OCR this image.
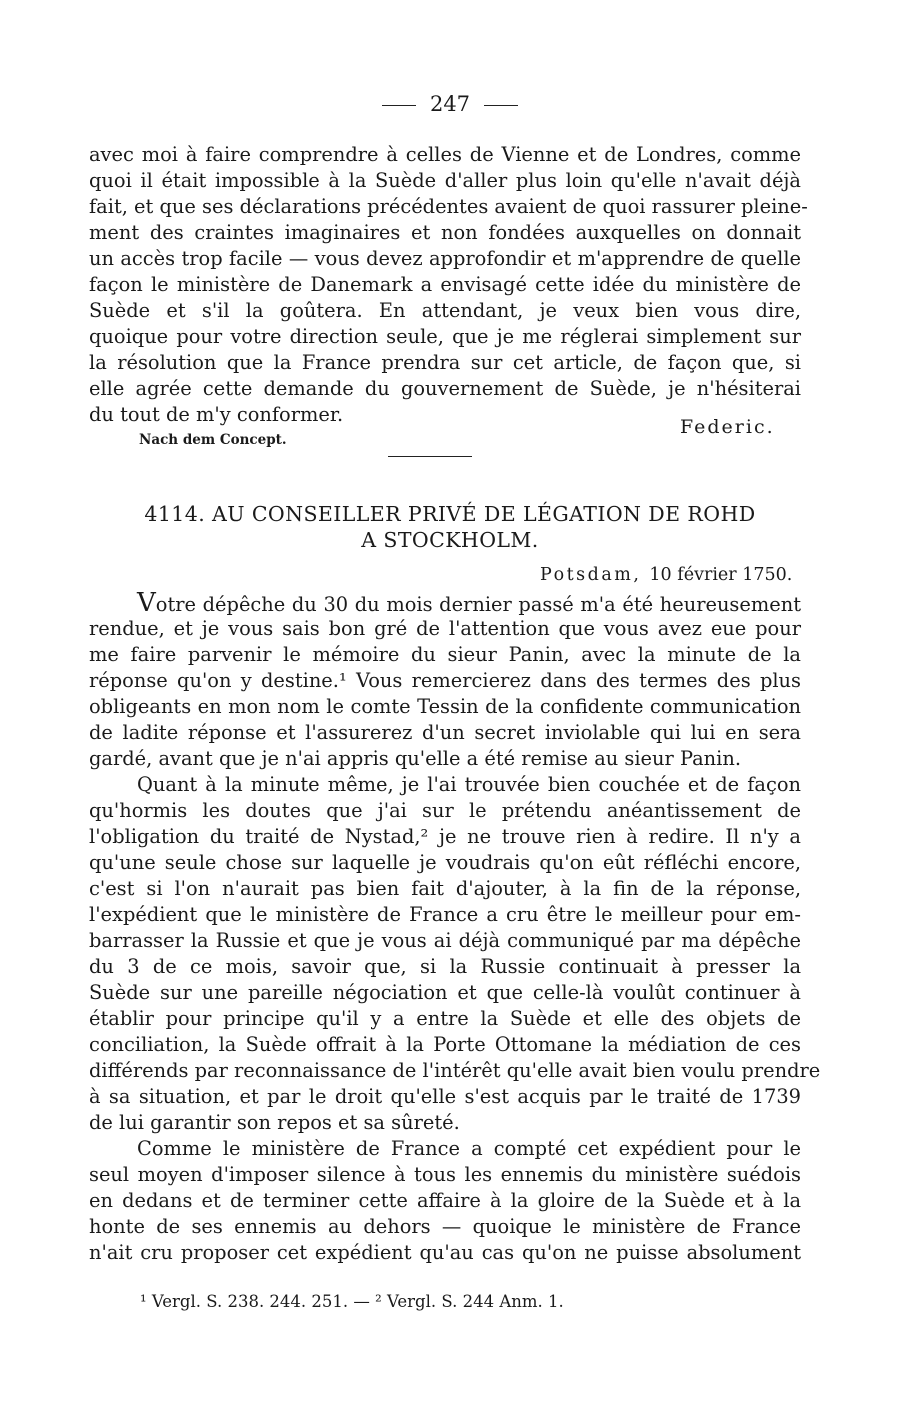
247
avec moi à faire comprendre à celles de Vienne et de Londres, comme
quoi il était impossible à la Suède d'aller plus loin qu'elle n'avait déjà
fait, et que ses déclarations précédentes avaient de quoi rassurer pleine-
ment des craintes imaginaires et non fondées auxquelles on donnait
un accès trop facile — vous devez approfondir et m'apprendre de quelle
façon le ministère de Danemark a envisagé cette idée du ministère de
Suède et s'il la goûtera. En attendant, je veux bien vous dire,
quoique pour votre direction seule, que je me réglerai simplement sur
la résolution que la France prendra sur cet article, de façon que, si
elle agrée cette demande du gouvernement de Suède, je n'hésiterai
du tout de m'y conformer.
Federic.
Nach dem Concept.
4114. AU CONSEILLER PRIVÉ DE LÉGATION DE ROHD
A STOCKHOLM.
Potsdam, 10 février 1750.
Votre dépêche du 30 du mois dernier passé m'a été heureusement
rendue, et je vous sais bon gré de l'attention que vous avez eue pour
me faire parvenir le mémoire du sieur Panin, avec la minute de la
réponse qu'on y destine.¹ Vous remercierez dans des termes des plus
obligeants en mon nom le comte Tessin de la confidente communication
de ladite réponse et l'assurerez d'un secret inviolable qui lui en sera
gardé, avant que je n'ai appris qu'elle a été remise au sieur Panin.
Quant à la minute même, je l'ai trouvée bien couchée et de façon
qu'hormis les doutes que j'ai sur le prétendu anéantissement de
l'obligation du traité de Nystad,² je ne trouve rien à redire. Il n'y a
qu'une seule chose sur laquelle je voudrais qu'on eût réfléchi encore,
c'est si l'on n'aurait pas bien fait d'ajouter, à la fin de la réponse,
l'expédient que le ministère de France a cru être le meilleur pour em-
barrasser la Russie et que je vous ai déjà communiqué par ma dépêche
du 3 de ce mois, savoir que, si la Russie continuait à presser la
Suède sur une pareille négociation et que celle-là voulût continuer à
établir pour principe qu'il y a entre la Suède et elle des objets de
conciliation, la Suède offrait à la Porte Ottomane la médiation de ces
différends par reconnaissance de l'intérêt qu'elle avait bien voulu prendre
à sa situation, et par le droit qu'elle s'est acquis par le traité de 1739
de lui garantir son repos et sa sûreté.
Comme le ministère de France a compté cet expédient pour le
seul moyen d'imposer silence à tous les ennemis du ministère suédois
en dedans et de terminer cette affaire à la gloire de la Suède et à la
honte de ses ennemis au dehors — quoique le ministère de France
n'ait cru proposer cet expédient qu'au cas qu'on ne puisse absolument
¹ Vergl. S. 238. 244. 251. — ² Vergl. S. 244 Anm. 1.
